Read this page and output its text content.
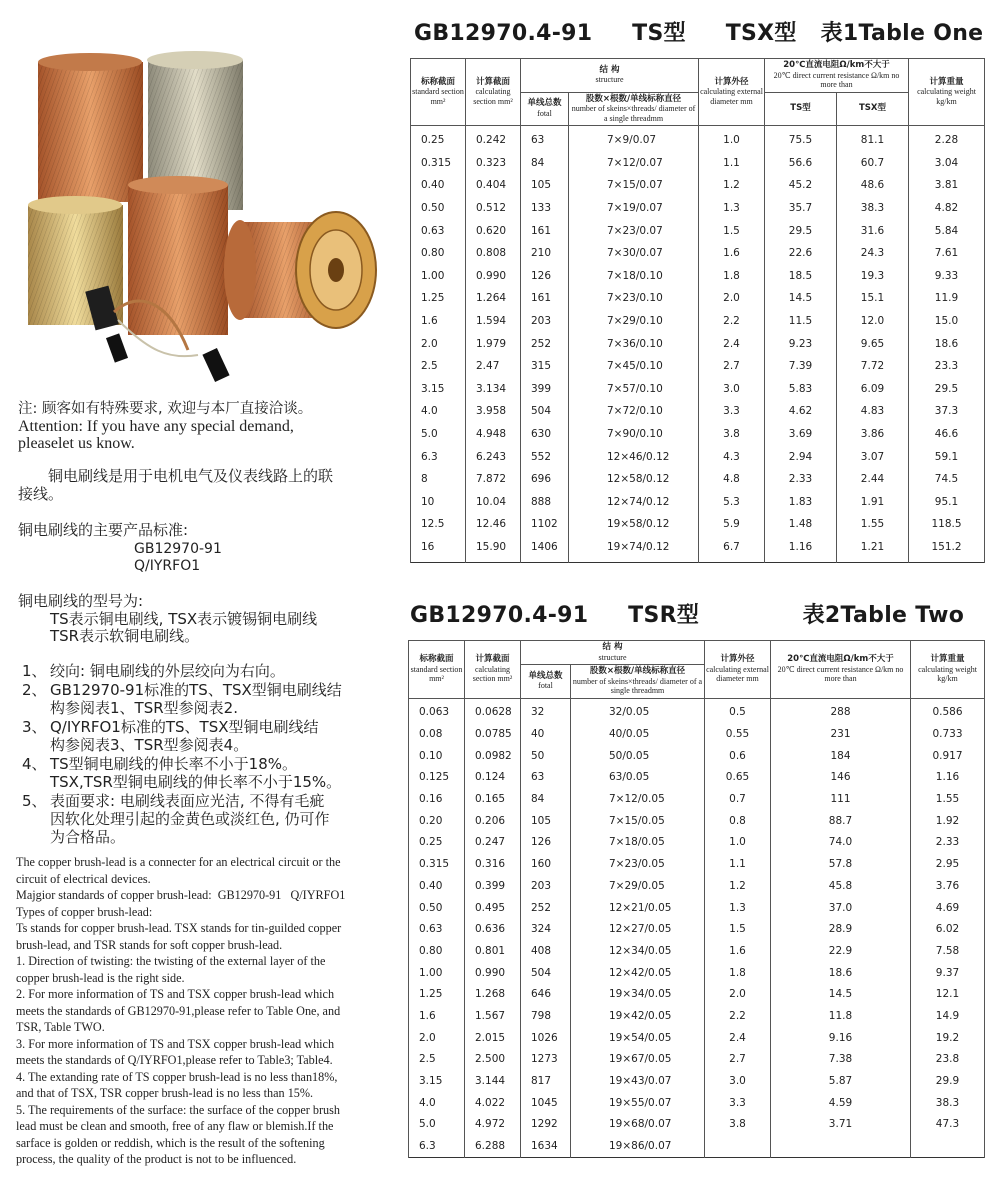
注: 顾客如有特殊要求, 欢迎与本厂直接洽谈。

Attention: If you have any special demand,

pleaselet us know.

铜电刷线是用于电机电气及仪表线路上的联

接线。

铜电刷线的主要产品标准:

GB12970-91

Q/IYRFO1

铜电刷线的型号为:

TS表示铜电刷线, TSX表示镀锡铜电刷线

TSR表示软铜电刷线。

1、 绞向: 铜电刷线的外层绞向为右向。
2、 GB12970-91标准的TS、TSX型铜电刷线结
构参阅表1、TSR型参阅表2.
3、 Q/IYRFO1标准的TS、TSX型铜电刷线结
构参阅表3、TSR型参阅表4。
4、 TS型铜电刷线的伸长率不小于18%。
TSX,TSR型铜电刷线的伸长率不小于15%。
5、 表面要求: 电刷线表面应光洁, 不得有毛疵
因软化处理引起的金黄色或淡红色, 仍可作
为合格品。

The copper brush-lead is a connecter for an electrical circuit or the
circuit of electrical devices.
Majgior standards of copper brush-lead:  GB12970-91   Q/IYRFO1
Types of copper brush-lead:
Ts stands for copper brush-lead. TSX stands for tin-guilded copper
brush-lead, and TSR stands for soft copper brush-lead.
1. Direction of twisting: the twisting of the external layer of the
copper brush-lead is the right side.
2. For more information of TS and TSX copper brush-lead which
meets the standards of GB12970-91,please refer to Table One, and
TSR, Table TWO.
3. For more information of TS and TSX copper brush-lead which
meets the standards of Q/IYRFO1,please refer to Table3; Table4.
4. The extanding rate of TS copper brush-lead is no less than18%,
and that of TSX, TSR copper brush-lead is no less than 15%.
5. The requirements of the surface: the surface of the copper brush
lead must be clean and smooth, free of any flaw or blemish.If the
sarface is golden or reddish, which is the result of the softening
process, the quality of the product is not to be influenced.

GB12970.4-91     TS型     TSX型   表1Table One
标称截面
standard section mm²	计算截面
calculating section mm²	结 构
structure		计算外径
calculating external diameter mm	20℃直流电阻Ω/km不大于
20℃ direct current resistance Ω/km no more than		计算重量
calculating weight kg/km

		单线总数
fotal	股数×根数/单线标称直径
number of skeins×threads/ diameter of a single threadmm		TS型	TSX型	

0.25	0.242	63	7×9/0.07	1.0	75.5	81.1	2.28
0.315	0.323	84	7×12/0.07	1.1	56.6	60.7	3.04
0.40	0.404	105	7×15/0.07	1.2	45.2	48.6	3.81
0.50	0.512	133	7×19/0.07	1.3	35.7	38.3	4.82
0.63	0.620	161	7×23/0.07	1.5	29.5	31.6	5.84
0.80	0.808	210	7×30/0.07	1.6	22.6	24.3	7.61
1.00	0.990	126	7×18/0.10	1.8	18.5	19.3	9.33
1.25	1.264	161	7×23/0.10	2.0	14.5	15.1	11.9
1.6	1.594	203	7×29/0.10	2.2	11.5	12.0	15.0
2.0	1.979	252	7×36/0.10	2.4	9.23	9.65	18.6
2.5	2.47	315	7×45/0.10	2.7	7.39	7.72	23.3
3.15	3.134	399	7×57/0.10	3.0	5.83	6.09	29.5
4.0	3.958	504	7×72/0.10	3.3	4.62	4.83	37.3
5.0	4.948	630	7×90/0.10	3.8	3.69	3.86	46.6
6.3	6.243	552	12×46/0.12	4.3	2.94	3.07	59.1
8	7.872	696	12×58/0.12	4.8	2.33	2.44	74.5
10	10.04	888	12×74/0.12	5.3	1.83	1.91	95.1
12.5	12.46	1102	19×58/0.12	5.9	1.48	1.55	118.5
16	15.90	1406	19×74/0.12	6.7	1.16	1.21	151.2
GB12970.4-91     TSR型             表2Table Two
标称截面
standard section mm²	计算截面
calculating section mm²	结 构
structure		计算外径
calculating external diameter mm	20℃直流电阻Ω/km不大于
20℃ direct current resistance Ω/km no more than	计算重量
calculating weight kg/km

		单线总数
fotal	股数×根数/单线标称直径
number of skeins×threads/ diameter of a single threadmm			

0.063	0.0628	32	32/0.05	0.5	288	0.586
0.08	0.0785	40	40/0.05	0.55	231	0.733
0.10	0.0982	50	50/0.05	0.6	184	0.917
0.125	0.124	63	63/0.05	0.65	146	1.16
0.16	0.165	84	7×12/0.05	0.7	111	1.55
0.20	0.206	105	7×15/0.05	0.8	88.7	1.92
0.25	0.247	126	7×18/0.05	1.0	74.0	2.33
0.315	0.316	160	7×23/0.05	1.1	57.8	2.95
0.40	0.399	203	7×29/0.05	1.2	45.8	3.76
0.50	0.495	252	12×21/0.05	1.3	37.0	4.69
0.63	0.636	324	12×27/0.05	1.5	28.9	6.02
0.80	0.801	408	12×34/0.05	1.6	22.9	7.58
1.00	0.990	504	12×42/0.05	1.8	18.6	9.37
1.25	1.268	646	19×34/0.05	2.0	14.5	12.1
1.6	1.567	798	19×42/0.05	2.2	11.8	14.9
2.0	2.015	1026	19×54/0.05	2.4	9.16	19.2
2.5	2.500	1273	19×67/0.05	2.7	7.38	23.8
3.15	3.144	817	19×43/0.07	3.0	5.87	29.9
4.0	4.022	1045	19×55/0.07	3.3	4.59	38.3
5.0	4.972	1292	19×68/0.07	3.8	3.71	47.3
6.3	6.288	1634	19×86/0.07			
